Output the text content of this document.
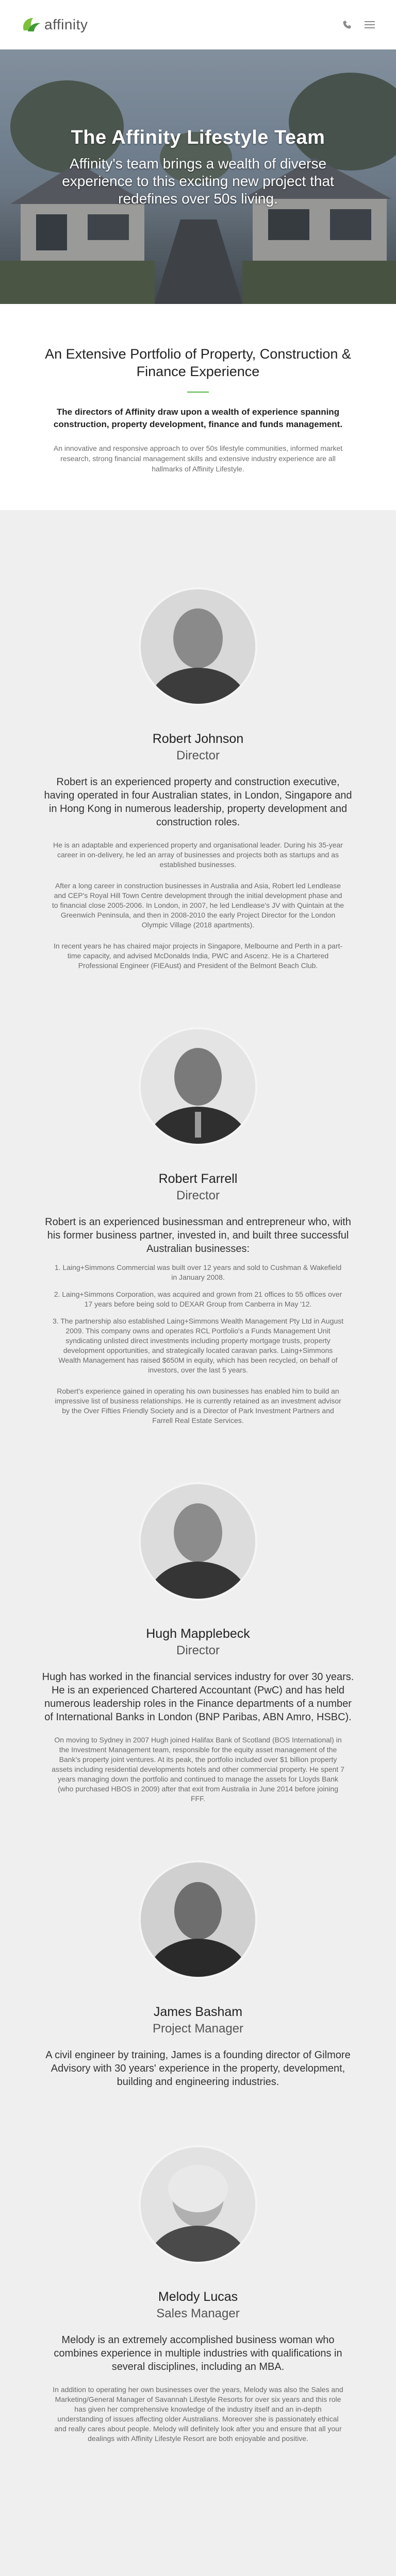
affinity
The Affinity Lifestyle Team

Affinity's team brings a wealth of diverse experience to this exciting new project that redefines over 50s living.

An Extensive Portfolio of Property, Construction & Finance Experience

The directors of Affinity draw upon a wealth of experience spanning construction, property development, finance and funds management.

An innovative and responsive approach to over 50s lifestyle communities, informed market research, strong financial management skills and extensive industry experience are all hallmarks of Affinity Lifestyle.

Robert Johnson
Director

Robert is an experienced property and construction executive, having operated in four Australian states, in London, Singapore and in Hong Kong in numerous leadership, property development and construction roles.

He is an adaptable and experienced property and organisational leader. During his 35-year career in on-delivery, he led an array of businesses and projects both as startups and as established businesses.

After a long career in construction businesses in Australia and Asia, Robert led Lendlease and CEP's Royal Hill Town Centre development through the initial development phase and to financial close 2005-2006. In London, in 2007, he led Lendlease's JV with Quintain at the Greenwich Peninsula, and then in 2008-2010 the early Project Director for the London Olympic Village (2018 apartments).

In recent years he has chaired major projects in Singapore, Melbourne and Perth in a part-time capacity, and advised McDonalds India, PWC and Ascenz. He is a Chartered Professional Engineer (FIEAust) and President of the Belmont Beach Club.

Robert Farrell
Director

Robert is an experienced businessman and entrepreneur who, with his former business partner, invested in, and built three successful Australian businesses:

1. Laing+Simmons Commercial was built over 12 years and sold to Cushman & Wakefield in January 2008.

2. Laing+Simmons Corporation, was acquired and grown from 21 offices to 55 offices over 17 years before being sold to DEXAR Group from Canberra in May '12.

3. The partnership also established Laing+Simmons Wealth Management Pty Ltd in August 2009. This company owns and operates RCL Portfolio's a Funds Management Unit syndicating unlisted direct investments including property mortgage trusts, property development opportunities, and strategically located caravan parks. Laing+Simmons Wealth Management has raised $650M in equity, which has been recycled, on behalf of investors, over the last 5 years.

Robert's experience gained in operating his own businesses has enabled him to build an impressive list of business relationships. He is currently retained as an investment advisor by the Over Fifties Friendly Society and is a Director of Park Investment Partners and Farrell Real Estate Services.

Hugh Mapplebeck
Director

Hugh has worked in the financial services industry for over 30 years. He is an experienced Chartered Accountant (PwC) and has held numerous leadership roles in the Finance departments of a number of International Banks in London (BNP Paribas, ABN Amro, HSBC).

On moving to Sydney in 2007 Hugh joined Halifax Bank of Scotland (BOS International) in the Investment Management team, responsible for the equity asset management of the Bank's property joint ventures. At its peak, the portfolio included over $1 billion property assets including residential developments hotels and other commercial property. He spent 7 years managing down the portfolio and continued to manage the assets for Lloyds Bank (who purchased HBOS in 2009) after that exit from Australia in June 2014 before joining FFF.

James Basham
Project Manager

A civil engineer by training, James is a founding director of Gilmore Advisory with 30 years' experience in the property, development, building and engineering industries.

Melody Lucas
Sales Manager

Melody is an extremely accomplished business woman who combines experience in multiple industries with qualifications in several disciplines, including an MBA.

In addition to operating her own businesses over the years, Melody was also the Sales and Marketing/General Manager of Savannah Lifestyle Resorts for over six years and this role has given her comprehensive knowledge of the industry itself and an in-depth understanding of issues affecting older Australians. Moreover she is passionately ethical and really cares about people. Melody will definitely look after you and ensure that all your dealings with Affinity Lifestyle Resort are both enjoyable and positive.
